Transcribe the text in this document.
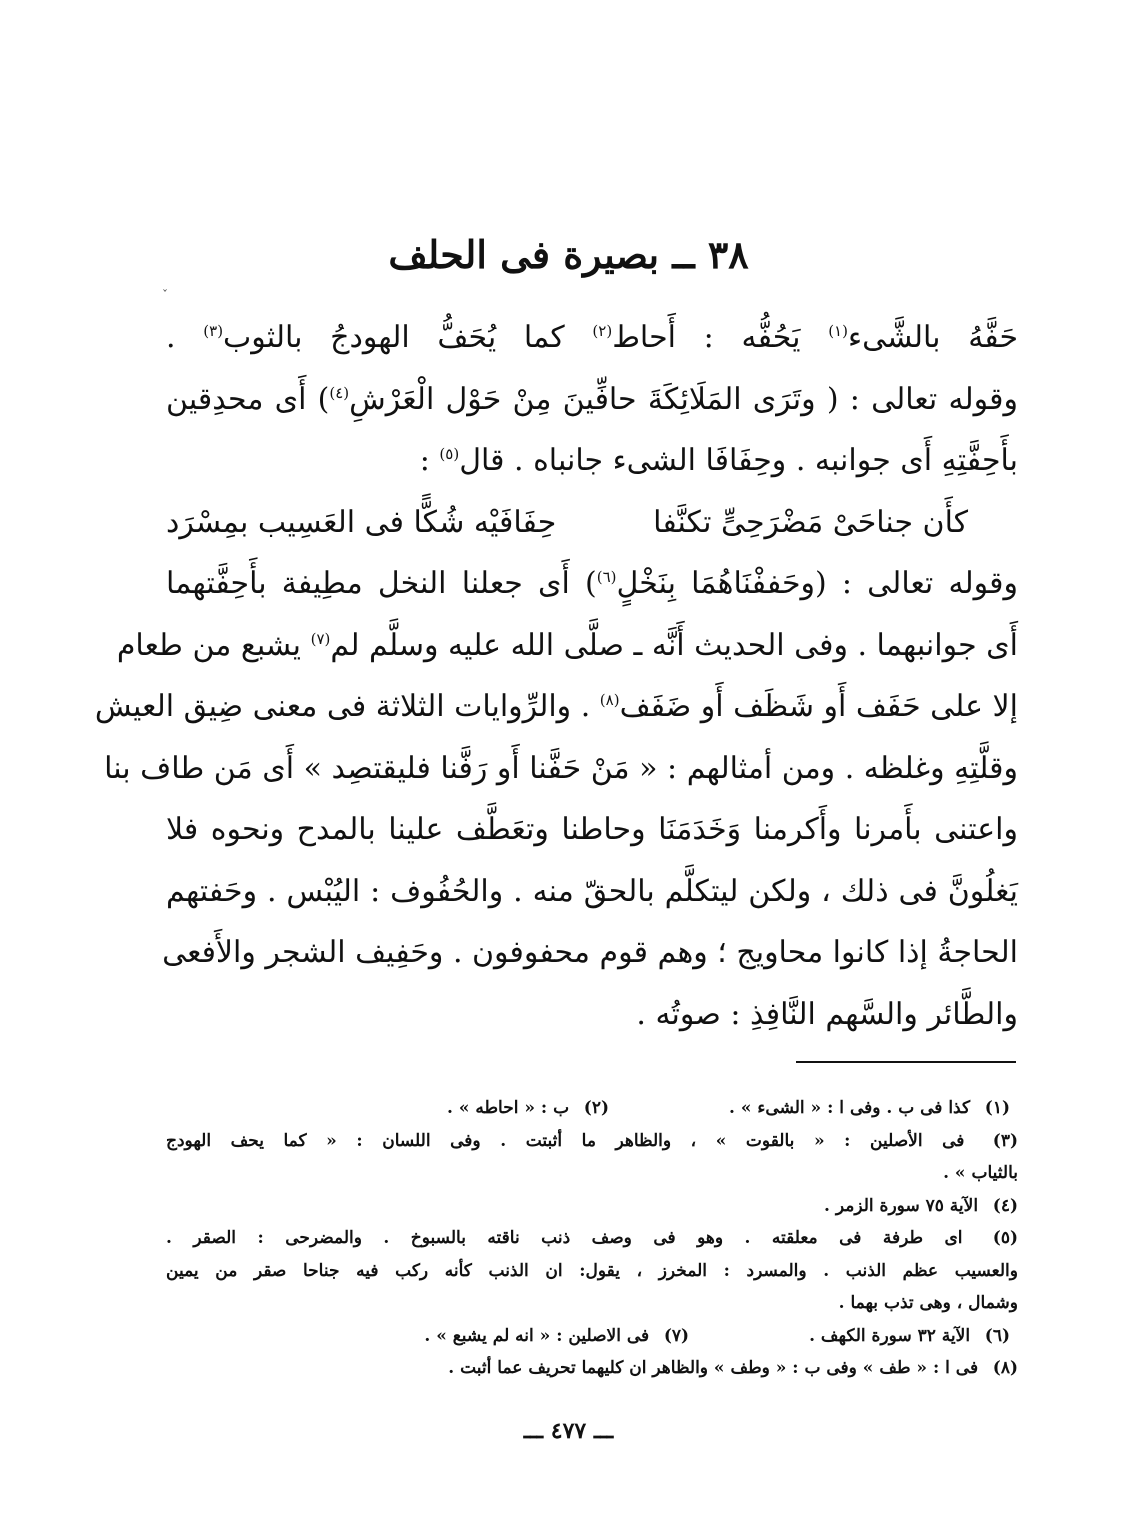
ˇ
٣٨ ــ بصيرة فى الحلف
حَفَّهُ بالشَّىء$^{(١)}$ يَحُفُّه : أَحاط$^{(٢)}$ كما يُحَفُّ الهودجُ بالثوب$^{(٣)}$ .
وقوله تعالى : ( وتَرَى المَلَائِكَةَ حافِّينَ مِنْ حَوْل الْعَرْشِ$^{(٤)}$) أَى محدِقين
بأَحِفَّتِهِ أَى جوانبه . وحِفَافَا الشىء جانباه . قال$^{(٥)}$ :
كأَن جناحَىْ مَضْرَحِىٍّ تكنَّفا
حِفَافَيْه شُكًّا فى العَسِيب بمِسْرَد
وقوله تعالى : (وحَففْنَاهُمَا بِنَخْلٍ$^{(٦)}$) أَى جعلنا النخل مطِيفة بأَحِفَّتهما
أَى جوانبهما . وفى الحديث أَنَّه ـ صلَّى الله عليه وسلَّم لم$^{(٧)}$ يشبع من طعام
إلا على حَفَف أَو شَظَف أَو ضَفَف$^{(٨)}$ . والرِّوايات الثلاثة فى معنى ضِيق العيش
وقلَّتِهِ وغلظه . ومن أمثالهم : « مَنْ حَفَّنا أَو رَفَّنا فليقتصِد » أَى مَن طاف بنا
واعتنى بأَمرنا وأَكرمنا وَخَدَمَنَا وحاطنا وتعَطَّف علينا بالمدح ونحوه فلا
يَغلُونَّ فى ذلك ، ولكن ليتكلَّم بالحقّ منه . والحُفُوف : اليُبْس . وحَفتهم
الحاجةُ إذا كانوا محاويج ؛ وهم قوم محفوفون . وحَفِيف الشجر والأَفعى
والطَّائر والسَّهم النَّافِذِ : صوتُه .
(١) كذا فى ب . وفى ا : « الشىء » .
(٢) ب : « احاطه » .
(٣) فى الأصلين : « بالقوت » ، والظاهر ما أثبتت . وفى اللسان : « كما يحف الهودج
بالثياب » .
(٤) الآية ٧٥ سورة الزمر .
(٥) اى طرفة فى معلقته . وهو فى وصف ذنب ناقته بالسبوخ . والمضرحى : الصقر .
والعسيب عظم الذنب . والمسرد : المخرز ، يقول: ان الذنب كأنه ركب فيه جناحا صقر من يمين
وشمال ، وهى تذب بهما .
(٦) الآية ٣٢ سورة الكهف .
(٧) فى الاصلين : « انه لم يشبع » .
(٨) فى ا : « طف » وفى ب : « وطف » والظاهر ان كليهما تحريف عما أثبت .
ـــ ٤٧٧ ـــ
